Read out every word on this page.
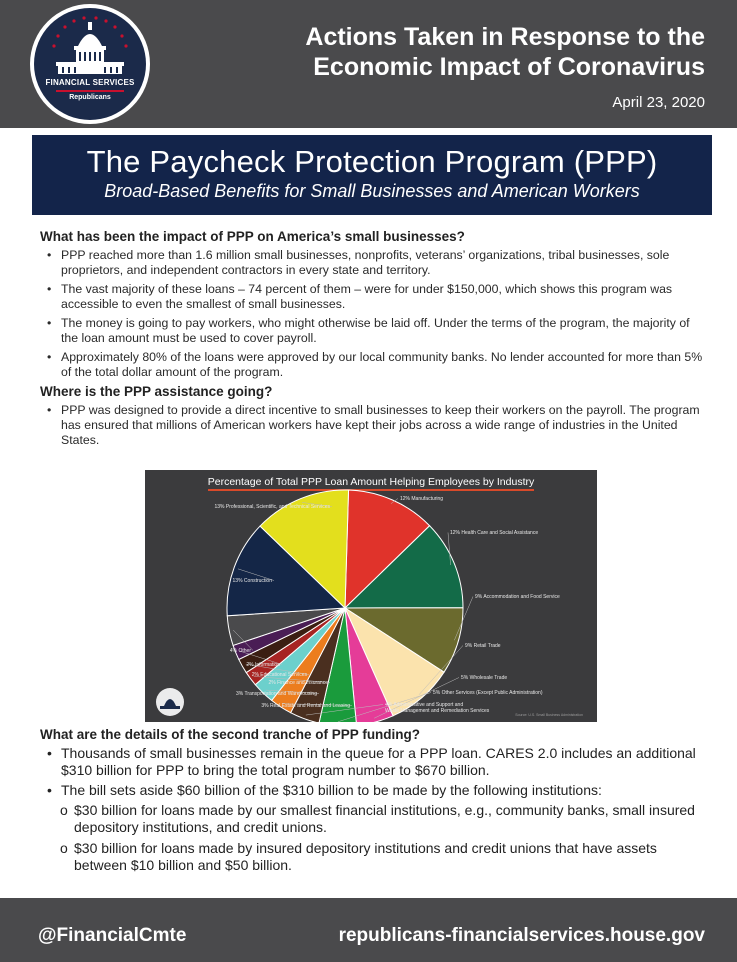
FINANCIAL SERVICES
Republicans
Actions Taken in Response to the
Economic Impact of Coronavirus
April 23, 2020
The Paycheck Protection Program (PPP)
Broad-Based Benefits for Small Businesses and American Workers
What has been the impact of PPP on America’s small businesses?
• PPP reached more than 1.6 million small businesses, nonprofits, veterans’ organizations, tribal businesses, sole proprietors, and independent contractors in every state and territory.
• The vast majority of these loans – 74 percent of them – were for under $150,000, which shows this program was accessible to even the smallest of small businesses.
• The money is going to pay workers, who might otherwise be laid off. Under the terms of the program, the majority of the loan amount must be used to cover payroll.
• Approximately 80% of the loans were approved by our local community banks. No lender accounted for more than 5% of the total dollar amount of the program.
Where is the PPP assistance going?
• PPP was designed to provide a direct incentive to small businesses to keep their workers on the payroll. The program has ensured that millions of American workers have kept their jobs across a wide range of industries in the United States.
Percentage of Total PPP Loan Amount Helping Employees by Industry
12% Manufacturing
12% Health Care and Social Assistance
9% Accommodation and Food Service
9% Retail Trade
5% Wholesale Trade
5% Other Services (Except Public Administration)
4% Administrative and Support and Waste Management and Remediation Services
3% Real Estate and Rental and Leasing
3% Transportation and Warehousing
2% Finance and Insurance
2% Educational Services
2% Information
4% Other
13% Construction
13% Professional, Scientific, and Technical Services
Source: U.S. Small Business Administration
What are the details of the second tranche of PPP funding?
• Thousands of small businesses remain in the queue for a PPP loan. CARES 2.0 includes an additional $310 billion for PPP to bring the total program number to $670 billion.
• The bill sets aside $60 billion of the $310 billion to be made by the following institutions:
o $30 billion for loans made by our smallest financial institutions, e.g., community banks, small insured depository institutions, and credit unions.
o $30 billion for loans made by insured depository institutions and credit unions that have assets between $10 billion and $50 billion.
@FinancialCmte	republicans-financialservices.house.gov
